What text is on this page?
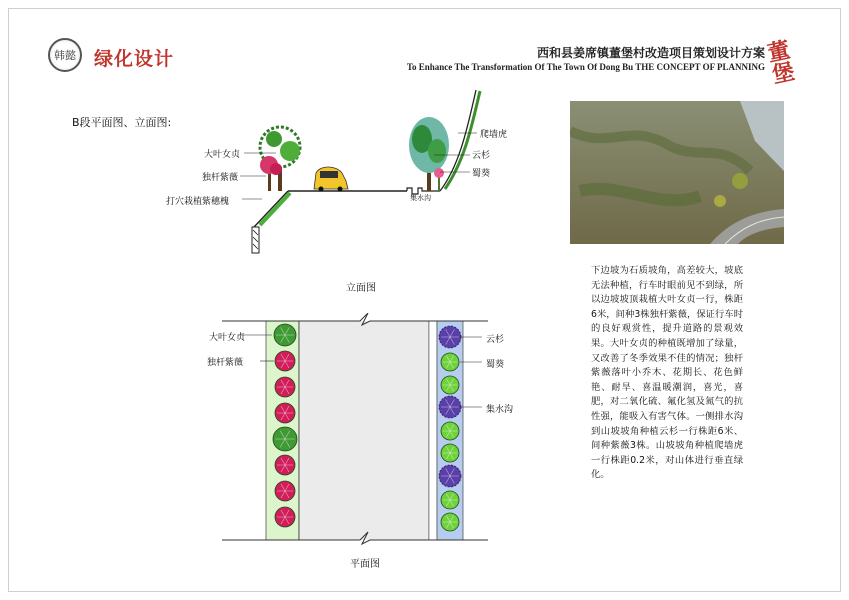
韩懿 绿化设计	西和县姜席镇董堡村改造项目策划设计方案
To Enhance The Transformation Of The Town Of Dong Bu THE CONCEPT OF PLANNING
董堡
B段平面图、立面图:
大叶女贞
独杆紫薇
打穴栽植紫穗槐
爬墙虎
云杉
蜀葵
集水沟
立面图
大叶女贞
独杆紫薇
云杉
蜀葵
集水沟
平面图
下边坡为石质坡角，高差较大，坡底无法种植，行车时眼前见不到绿，所以边坡坡顶栽植大叶女贞一行，株距6米，间种3株独杆紫薇，保证行车时的良好观赏性，提升道路的景观效果。大叶女贞的种植既增加了绿量，又改善了冬季效果不佳的情况；独杆紫薇落叶小乔木、花期长、花色鲜艳、耐旱、喜温暖潮润，喜光，喜肥，对二氧化硫、氟化氢及氮气的抗性强，能吸入有害气体。一侧排水沟到山坡坡角种植云杉一行株距6米、间种紫薇3株。山坡坡角种植爬墙虎一行株距0.2米，对山体进行垂直绿化。
